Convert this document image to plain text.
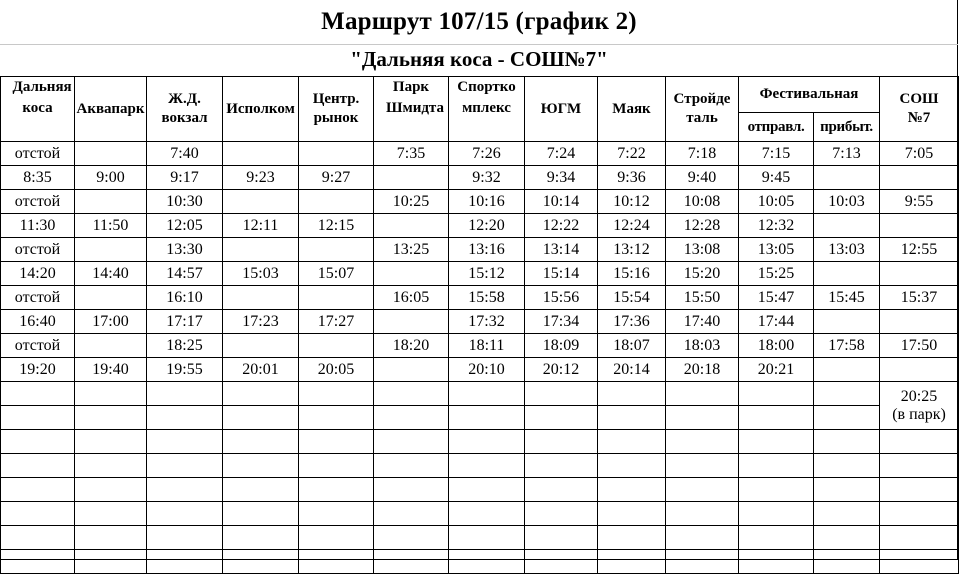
Маршрут 107/15 (график 2)
"Дальняя коса - СОШ№7"
Дальняя коса	Аквапарк	Ж.Д. вокзал	Исполком	Центр. рынок	Парк Шмидта	Спорткомплекс	ЮГМ	Маяк	Стройдеталь	Фестивальная		СОШ №7

										отправл.	прибыт.	
отстой		7:40			7:35	7:26	7:24	7:22	7:18	7:15	7:13	7:05
8:35	9:00	9:17	9:23	9:27		9:32	9:34	9:36	9:40	9:45		
отстой		10:30			10:25	10:16	10:14	10:12	10:08	10:05	10:03	9:55
11:30	11:50	12:05	12:11	12:15		12:20	12:22	12:24	12:28	12:32		
отстой		13:30			13:25	13:16	13:14	13:12	13:08	13:05	13:03	12:55
14:20	14:40	14:57	15:03	15:07		15:12	15:14	15:16	15:20	15:25		
отстой		16:10			16:05	15:58	15:56	15:54	15:50	15:47	15:45	15:37
16:40	17:00	17:17	17:23	17:27		17:32	17:34	17:36	17:40	17:44		
отстой		18:25			18:20	18:11	18:09	18:07	18:03	18:00	17:58	17:50
19:20	19:40	19:55	20:01	20:05		20:10	20:12	20:14	20:18	20:21		

												20:25
(в парк)
